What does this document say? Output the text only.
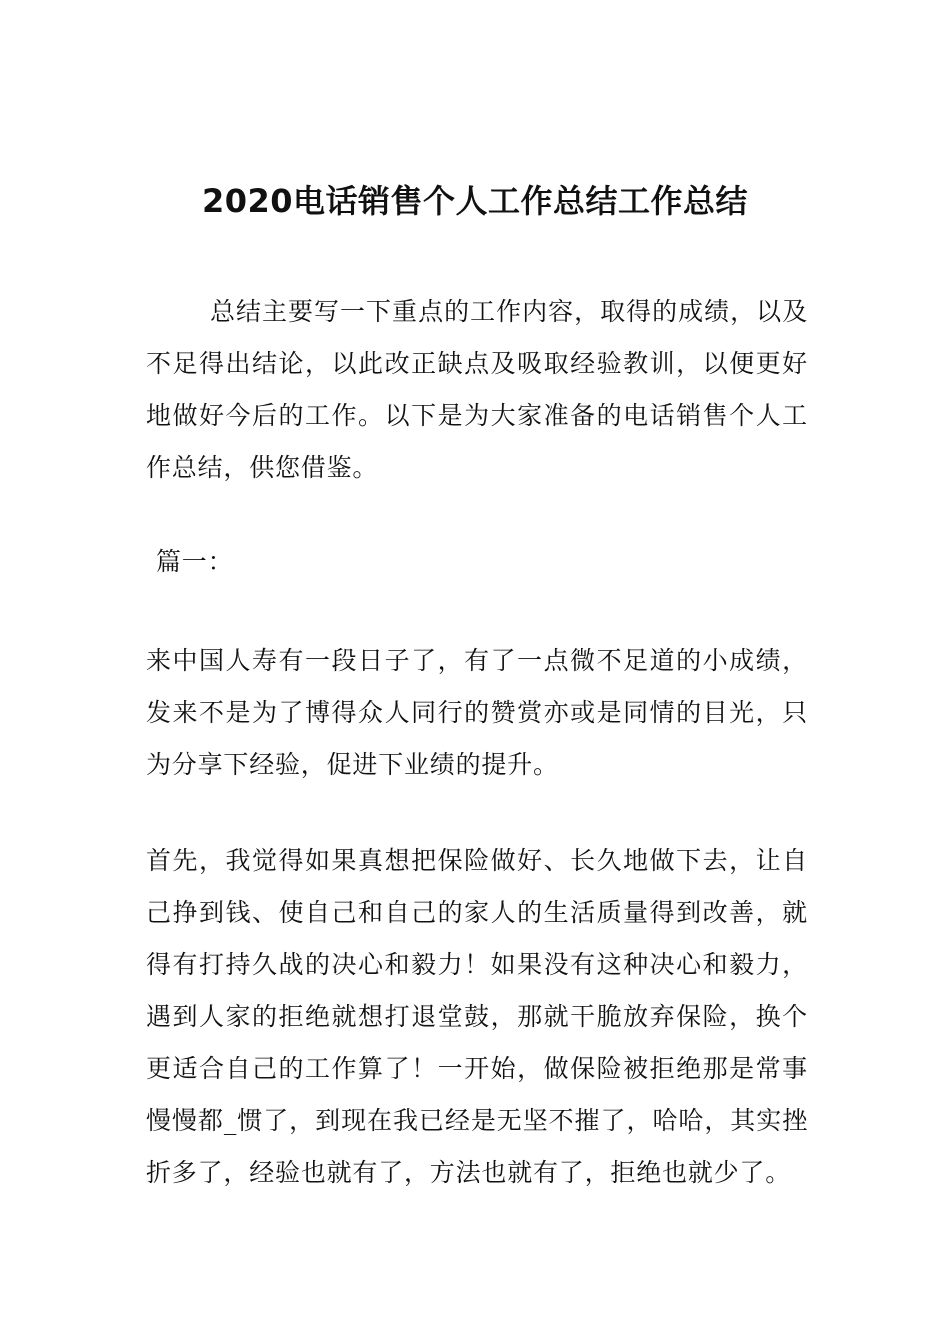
2020电话销售个人工作总结工作总结

总结主要写一下重点的工作内容，取得的成绩，以及不足得出结论，以此改正缺点及吸取经验教训，以便更好地做好今后的工作。以下是为大家准备的电话销售个人工作总结，供您借鉴。

篇一：

来中国人寿有一段日子了，有了一点微不足道的小成绩，发来不是为了博得众人同行的赞赏亦或是同情的目光，只为分享下经验，促进下业绩的提升。

首先，我觉得如果真想把保险做好、长久地做下去，让自己挣到钱、使自己和自己的家人的生活质量得到改善，就得有打持久战的决心和毅力！如果没有这种决心和毅力，遇到人家的拒绝就想打退堂鼓，那就干脆放弃保险，换个更适合自己的工作算了！一开始，做保险被拒绝那是常事慢慢都_惯了，到现在我已经是无坚不摧了，哈哈，其实挫折多了，经验也就有了，方法也就有了，拒绝也就少了。
